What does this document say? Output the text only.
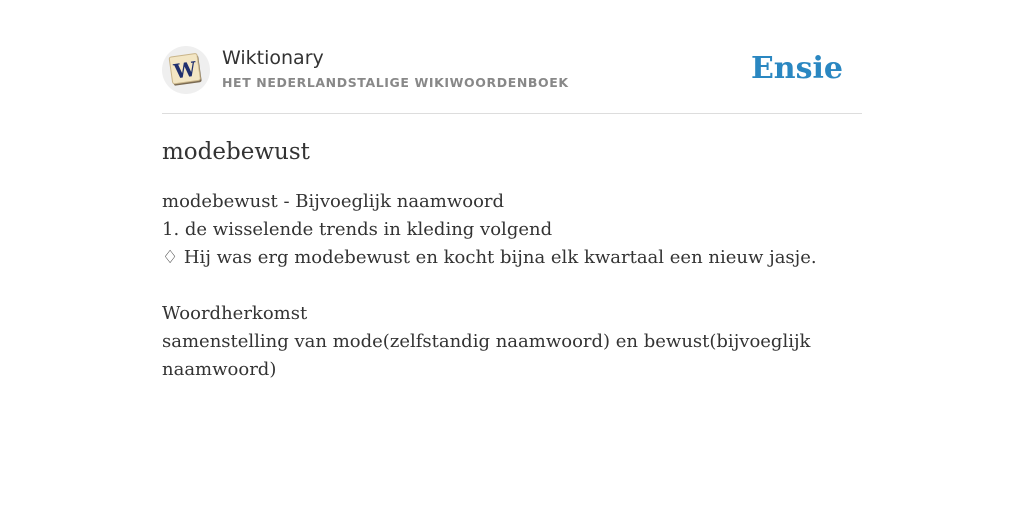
W Wiktionary
HET NEDERLANDSTALIGE WIKIWOORDENBOEK	Ensie
modebewust

modebewust - Bijvoeglijk naamwoord

1. de wisselende trends in kleding volgend

♢ Hij was erg modebewust en kocht bijna elk kwartaal een nieuw jasje.

Woordherkomst

samenstelling van mode(zelfstandig naamwoord) en bewust(bijvoeglijk naamwoord)
